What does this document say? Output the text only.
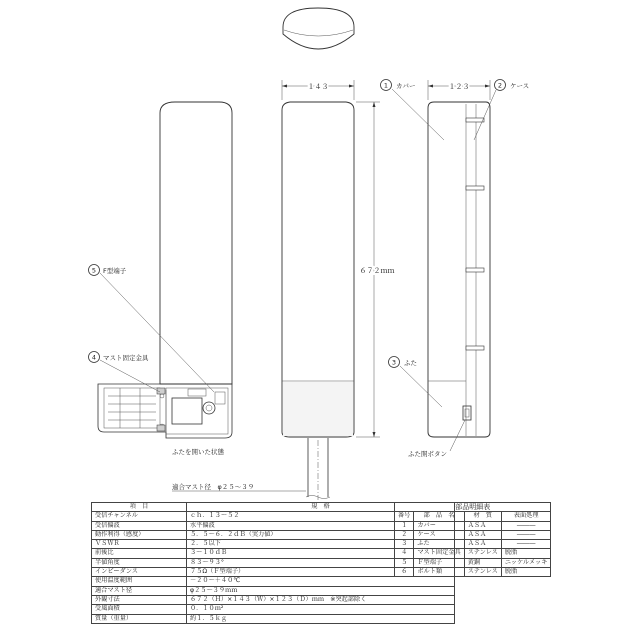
１４３
６７２ｍｍ
ふたを開いた状態
5 F型端子
4 マスト固定金具
１２３
1 カバー	2 ケース
3 ふた
ふた開ボタン
適合マスト径　φ２５～３９
項　目	規　格
受信チャンネル	ｃｈ．１３～５２
受信偏波	水平偏波
動作利得（感度）	５．５～６．２ｄＢ（実力値）
ＶＳＷＲ	２．５以下
前後比	３～１０ｄＢ
半値角度	８３～９３°
インピーダンス	７５Ω（Ｆ型端子）
使用温度範囲	－２０～＋４０℃
適合マスト径	φ２５～３９ｍｍ
外観寸法	６７２（Ｈ）×１４３（Ｗ）×１２３（Ｄ）ｍｍ　※突起部除く
受風面積	０．１０ｍ²
質量（重量）	約１．５ｋｇ
部品明細表			
番号	部　品　名	材　質	表面処理
１	カバー	ＡＳＡ	―――
２	ケース	ＡＳＡ	―――
３	ふた	ＡＳＡ	―――
４	マスト固定金具	ステンレス	脱脂
５	Ｆ型端子	黄銅	ニッケルメッキ
６	ボルト類	ステンレス	脱脂
